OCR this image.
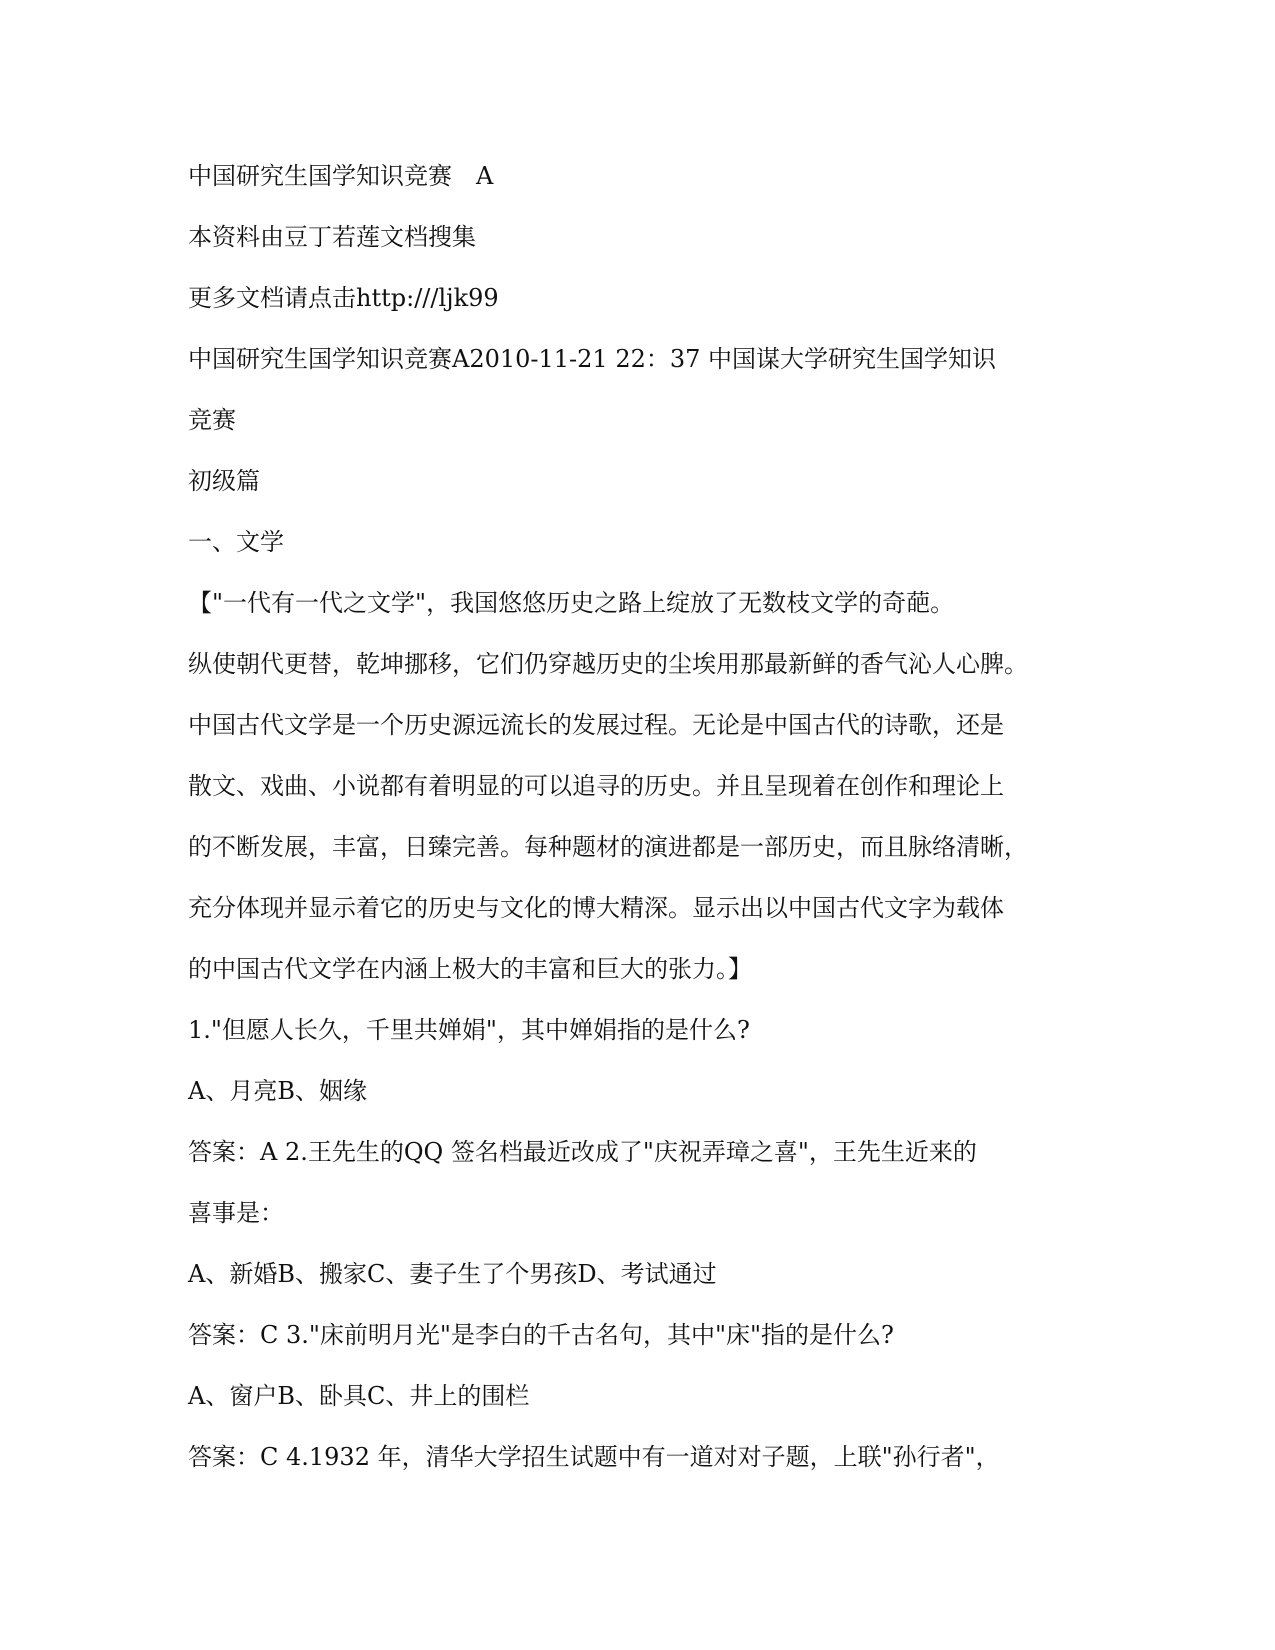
中国研究生国学知识竞赛　A
本资料由豆丁若莲文档搜集
更多文档请点击http:///ljk99
中国研究生国学知识竞赛A2010-11-21 22：37 中国谋大学研究生国学知识
竞赛
初级篇
一、文学
【"一代有一代之文学"，我国悠悠历史之路上绽放了无数枝文学的奇葩。
纵使朝代更替，乾坤挪移，它们仍穿越历史的尘埃用那最新鲜的香气沁人心脾。
中国古代文学是一个历史源远流长的发展过程。无论是中国古代的诗歌，还是
散文、戏曲、小说都有着明显的可以追寻的历史。并且呈现着在创作和理论上
的不断发展，丰富，日臻完善。每种题材的演进都是一部历史，而且脉络清晰，
充分体现并显示着它的历史与文化的博大精深。显示出以中国古代文字为载体
的中国古代文学在内涵上极大的丰富和巨大的张力。】
1."但愿人长久，千里共婵娟"，其中婵娟指的是什么?
A、月亮B、姻缘
答案：A 2.王先生的QQ 签名档最近改成了"庆祝弄璋之喜"，王先生近来的
喜事是：
A、新婚B、搬家C、妻子生了个男孩D、考试通过
答案：C 3."床前明月光"是李白的千古名句，其中"床"指的是什么?
A、窗户B、卧具C、井上的围栏
答案：C 4.1932 年，清华大学招生试题中有一道对对子题，上联"孙行者"，
